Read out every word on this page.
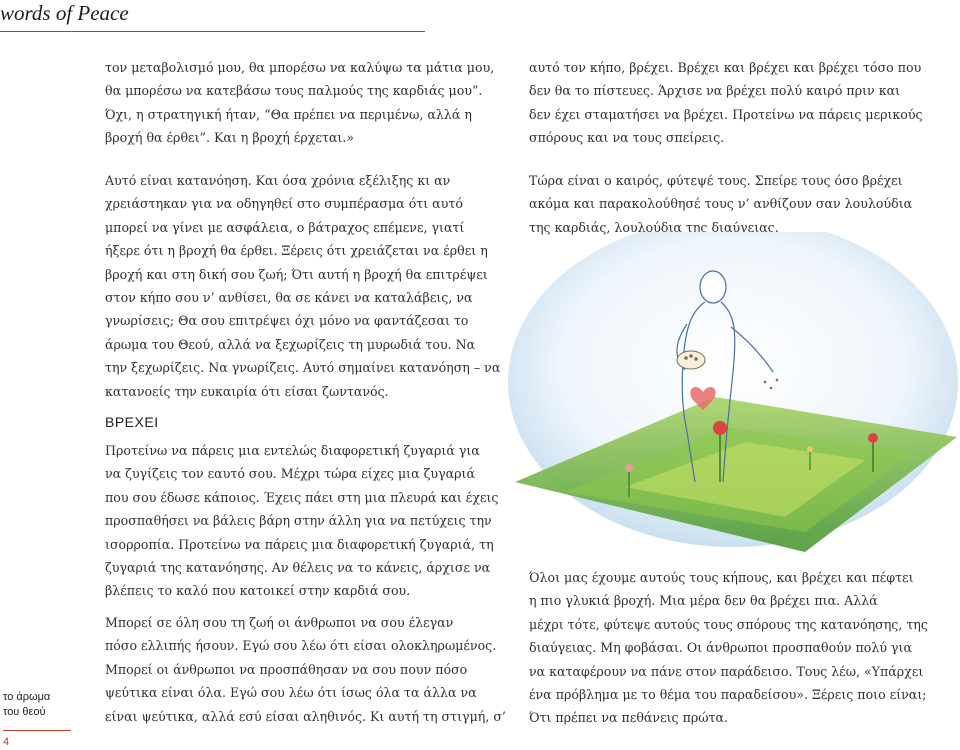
words of Peace
τον μεταβολισμό μου, θα μπορέσω να καλύψω τα μάτια μου,
θα μπορέσω να κατεβάσω τους παλμούς της καρδιάς μου”.
Όχι, η στρατηγική ήταν, “Θα πρέπει να περιμένω, αλλά η
βροχή θα έρθει”. Και η βροχή έρχεται.»
Αυτό είναι κατανόηση. Και όσα χρόνια εξέλιξης κι αν
χρειάστηκαν για να οδηγηθεί στο συμπέρασμα ότι αυτό
μπορεί να γίνει με ασφάλεια, ο βάτραχος επέμενε, γιατί
ήξερε ότι η βροχή θα έρθει. Ξέρεις ότι χρειάζεται να έρθει η
βροχή και στη δική σου ζωή; Ότι αυτή η βροχή θα επιτρέψει
στον κήπο σου ν’ ανθίσει, θα σε κάνει να καταλάβεις, να
γνωρίσεις; Θα σου επιτρέψει όχι μόνο να φαντάζεσαι το
άρωμα του Θεού, αλλά να ξεχωρίζεις τη μυρωδιά του. Να
την ξεχωρίζεις. Να γνωρίζεις. Αυτό σημαίνει κατανόηση – να
κατανοείς την ευκαιρία ότι είσαι ζωντανός.
ΒΡΕΧΕΙ
Προτείνω να πάρεις μια εντελώς διαφορετική ζυγαριά για
να ζυγίζεις τον εαυτό σου. Μέχρι τώρα είχες μια ζυγαριά
που σου έδωσε κάποιος. Έχεις πάει στη μια πλευρά και έχεις
προσπαθήσει να βάλεις βάρη στην άλλη για να πετύχεις την
ισορροπία. Προτείνω να πάρεις μια διαφορετική ζυγαριά, τη
ζυγαριά της κατανόησης. Αν θέλεις να το κάνεις, άρχισε να
βλέπεις το καλό που κατοικεί στην καρδιά σου.
Μπορεί σε όλη σου τη ζωή οι άνθρωποι να σου έλεγαν
πόσο ελλιπής ήσουν. Εγώ σου λέω ότι είσαι ολοκληρωμένος.
Μπορεί οι άνθρωποι να προσπάθησαν να σου πουν πόσο
ψεύτικα είναι όλα. Εγώ σου λέω ότι ίσως όλα τα άλλα να
είναι ψεύτικα, αλλά εσύ είσαι αληθινός. Κι αυτή τη στιγμή, σ’
αυτό τον κήπο, βρέχει. Βρέχει και βρέχει και βρέχει τόσο που
δεν θα το πίστευες. Άρχισε να βρέχει πολύ καιρό πριν και
δεν έχει σταματήσει να βρέχει. Προτείνω να πάρεις μερικούς
σπόρους και να τους σπείρεις.
Τώρα είναι ο καιρός, φύτεψέ τους. Σπείρε τους όσο βρέχει
ακόμα και παρακολούθησέ τους ν’ ανθίζουν σαν λουλούδια
της καρδιάς, λουλούδια της διαύγειας.
Όλοι μας έχουμε αυτούς τους κήπους, και βρέχει και πέφτει
η πιο γλυκιά βροχή. Μια μέρα δεν θα βρέχει πια. Αλλά
μέχρι τότε, φύτεψε αυτούς τους σπόρους της κατανόησης, της
διαύγειας. Μη φοβάσαι. Οι άνθρωποι προσπαθούν πολύ για
να καταφέρουν να πάνε στον παράδεισο. Τους λέω, «Υπάρχει
ένα πρόβλημα με το θέμα του παραδείσου». Ξέρεις ποιο είναι;
Ότι πρέπει να πεθάνεις πρώτα.
το άρωμα
του θεού
4
